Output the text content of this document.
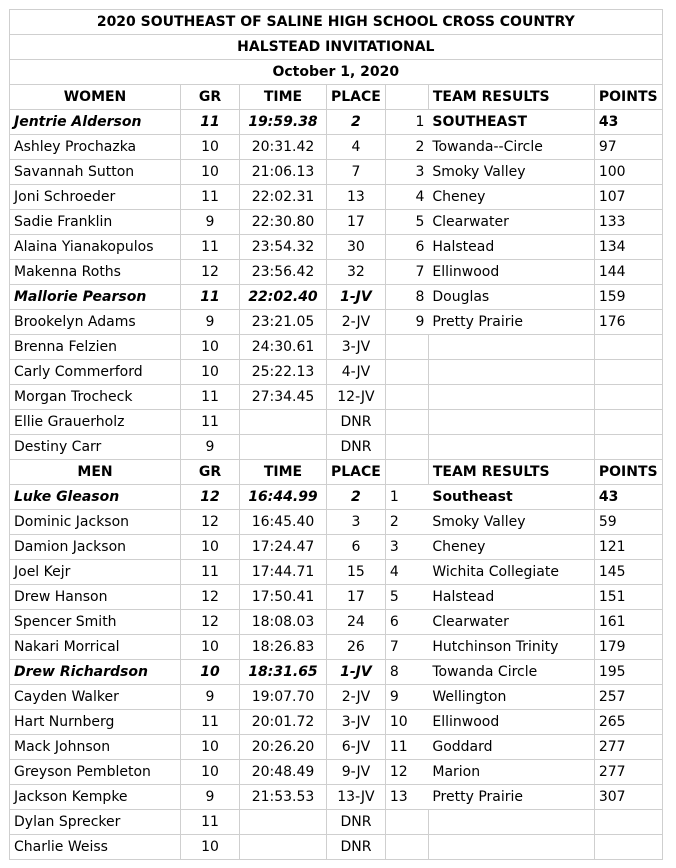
2020 SOUTHEAST OF SALINE HIGH SCHOOL CROSS COUNTRY						
HALSTEAD INVITATIONAL						
October 1, 2020						
WOMEN	GR	TIME	PLACE		TEAM RESULTS	POINTS
Jentrie Alderson	11	19:59.38	2	1	SOUTHEAST	43
Ashley Prochazka	10	20:31.42	4	2	Towanda--Circle	97
Savannah Sutton	10	21:06.13	7	3	Smoky Valley	100
Joni Schroeder	11	22:02.31	13	4	Cheney	107
Sadie Franklin	9	22:30.80	17	5	Clearwater	133
Alaina Yianakopulos	11	23:54.32	30	6	Halstead	134
Makenna Roths	12	23:56.42	32	7	Ellinwood	144
Mallorie Pearson	11	22:02.40	1-JV	8	Douglas	159
Brookelyn Adams	9	23:21.05	2-JV	9	Pretty Prairie	176
Brenna Felzien	10	24:30.61	3-JV			
Carly Commerford	10	25:22.13	4-JV			
Morgan Trocheck	11	27:34.45	12-JV			
Ellie Grauerholz	11		DNR			
Destiny Carr	9		DNR			
MEN	GR	TIME	PLACE		TEAM RESULTS	POINTS
Luke Gleason	12	16:44.99	2	1	Southeast	43
Dominic Jackson	12	16:45.40	3	2	Smoky Valley	59
Damion Jackson	10	17:24.47	6	3	Cheney	121
Joel Kejr	11	17:44.71	15	4	Wichita Collegiate	145
Drew Hanson	12	17:50.41	17	5	Halstead	151
Spencer Smith	12	18:08.03	24	6	Clearwater	161
Nakari Morrical	10	18:26.83	26	7	Hutchinson Trinity	179
Drew Richardson	10	18:31.65	1-JV	8	Towanda Circle	195
Cayden Walker	9	19:07.70	2-JV	9	Wellington	257
Hart Nurnberg	11	20:01.72	3-JV	10	Ellinwood	265
Mack Johnson	10	20:26.20	6-JV	11	Goddard	277
Greyson Pembleton	10	20:48.49	9-JV	12	Marion	277
Jackson Kempke	9	21:53.53	13-JV	13	Pretty Prairie	307
Dylan Sprecker	11		DNR			
Charlie Weiss	10		DNR			
